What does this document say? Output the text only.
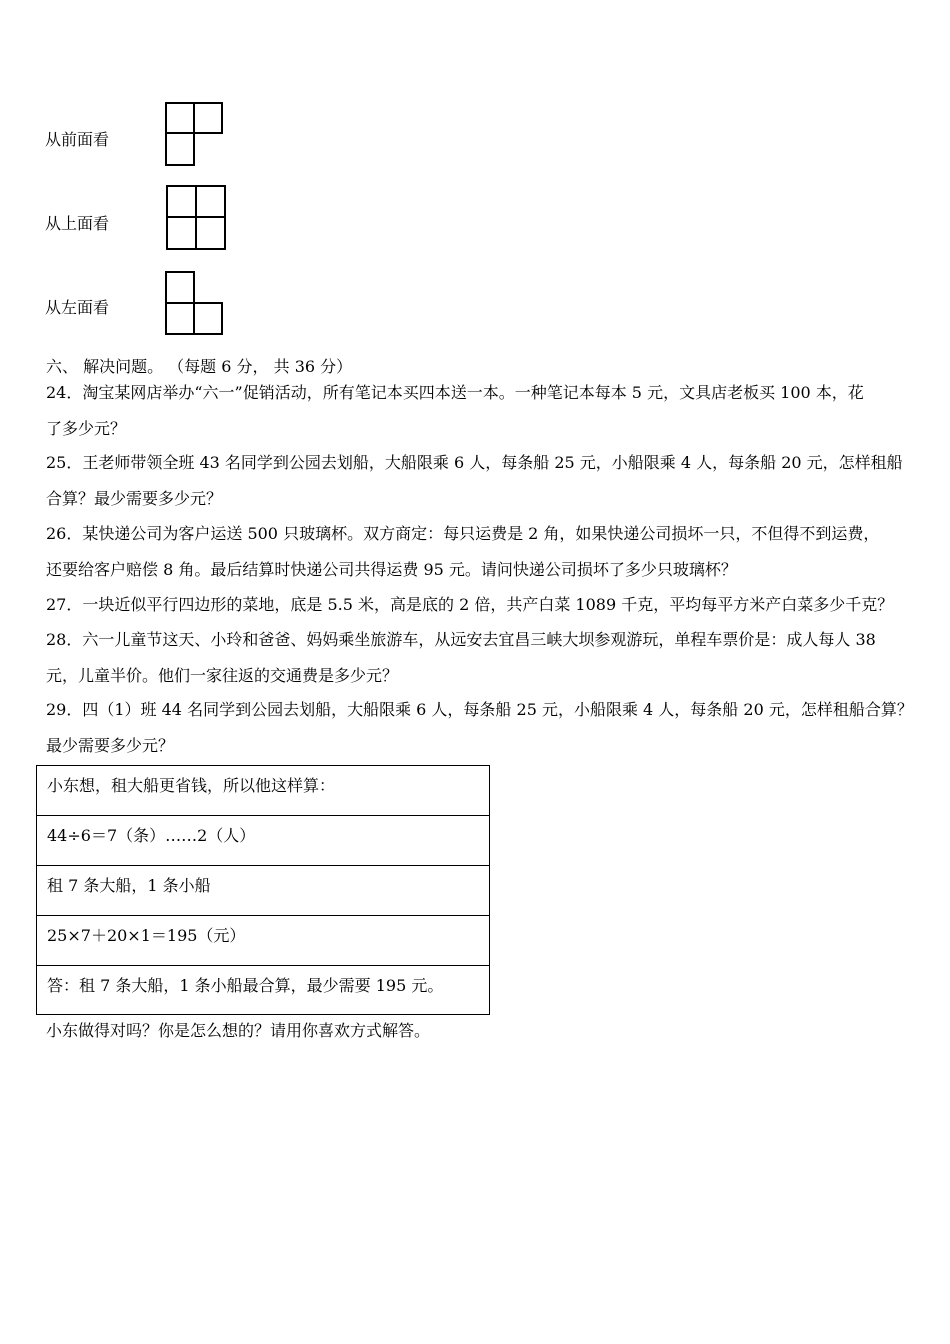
从前面看
从上面看
从左面看
六、 解决问题。 （每题 6 分， 共 36 分）
24．淘宝某网店举办“六一”促销活动，所有笔记本买四本送一本。一种笔记本每本 5 元，文具店老板买 100 本，花
了多少元？
25．王老师带领全班 43 名同学到公园去划船，大船限乘 6 人，每条船 25 元，小船限乘 4 人，每条船 20 元，怎样租船
合算？最少需要多少元？
26．某快递公司为客户运送 500 只玻璃杯。双方商定：每只运费是 2 角，如果快递公司损坏一只，不但得不到运费，
还要给客户赔偿 8 角。最后结算时快递公司共得运费 95 元。请问快递公司损坏了多少只玻璃杯？
27．一块近似平行四边形的菜地，底是 5.5 米，高是底的 2 倍，共产白菜 1089 千克，平均每平方米产白菜多少千克？
28．六一儿童节这天、小玲和爸爸、妈妈乘坐旅游车，从远安去宜昌三峡大坝参观游玩，单程车票价是：成人每人 38
元，儿童半价。他们一家往返的交通费是多少元？
29．四（1）班 44 名同学到公园去划船，大船限乘 6 人，每条船 25 元，小船限乘 4 人，每条船 20 元，怎样租船合算？
最少需要多少元？
小东想，租大船更省钱，所以他这样算：
44÷6＝7（条）……2（人）
租 7 条大船，1 条小船
25×7＋20×1＝195（元）
答：租 7 条大船，1 条小船最合算，最少需要 195 元。
小东做得对吗？你是怎么想的？请用你喜欢方式解答。
